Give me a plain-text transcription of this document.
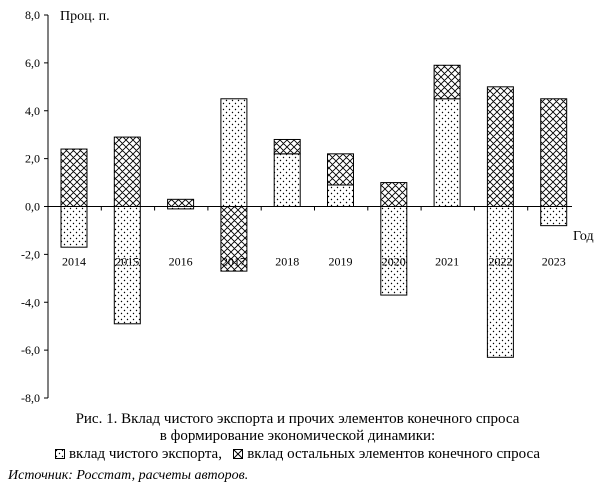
8,0
6,0
4,0
2,0
0,0
-2,0
-4,0
-6,0
-8,0
Проц. п.
Год
2014 2015 2016 2017 2018 2019 2020 2021 2022 2023
Рис. 1. Вклад чистого экспорта и прочих элементов конечного спроса
в формирование экономической динамики:
вклад чистого экспорта ,
вклад остальных элементов конечного спроса
Источник: Росстат, расчеты авторов.
